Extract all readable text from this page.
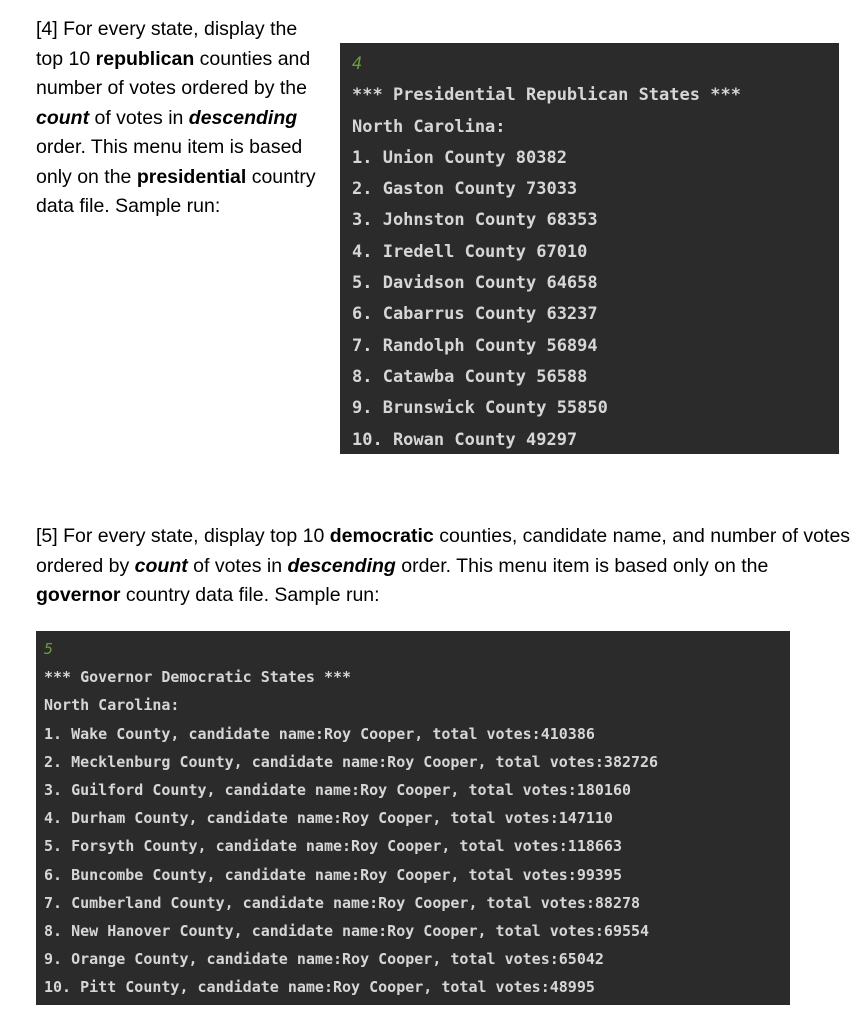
[4] For every state, display the top 10 republican counties and number of votes ordered by the count of votes in descending order. This menu item is based only on the presidential country data file. Sample run:

4
*** Presidential Republican States ***
North Carolina:
1. Union County 80382
2. Gaston County 73033
3. Johnston County 68353
4. Iredell County 67010
5. Davidson County 64658
6. Cabarrus County 63237
7. Randolph County 56894
8. Catawba County 56588
9. Brunswick County 55850
10. Rowan County 49297

[5] For every state, display top 10 democratic counties, candidate name, and number of votes ordered by count of votes in descending order. This menu item is based only on the governor country data file. Sample run:

5
*** Governor Democratic States ***
North Carolina:
1. Wake County, candidate name:Roy Cooper, total votes:410386
2. Mecklenburg County, candidate name:Roy Cooper, total votes:382726
3. Guilford County, candidate name:Roy Cooper, total votes:180160
4. Durham County, candidate name:Roy Cooper, total votes:147110
5. Forsyth County, candidate name:Roy Cooper, total votes:118663
6. Buncombe County, candidate name:Roy Cooper, total votes:99395
7. Cumberland County, candidate name:Roy Cooper, total votes:88278
8. New Hanover County, candidate name:Roy Cooper, total votes:69554
9. Orange County, candidate name:Roy Cooper, total votes:65042
10. Pitt County, candidate name:Roy Cooper, total votes:48995
